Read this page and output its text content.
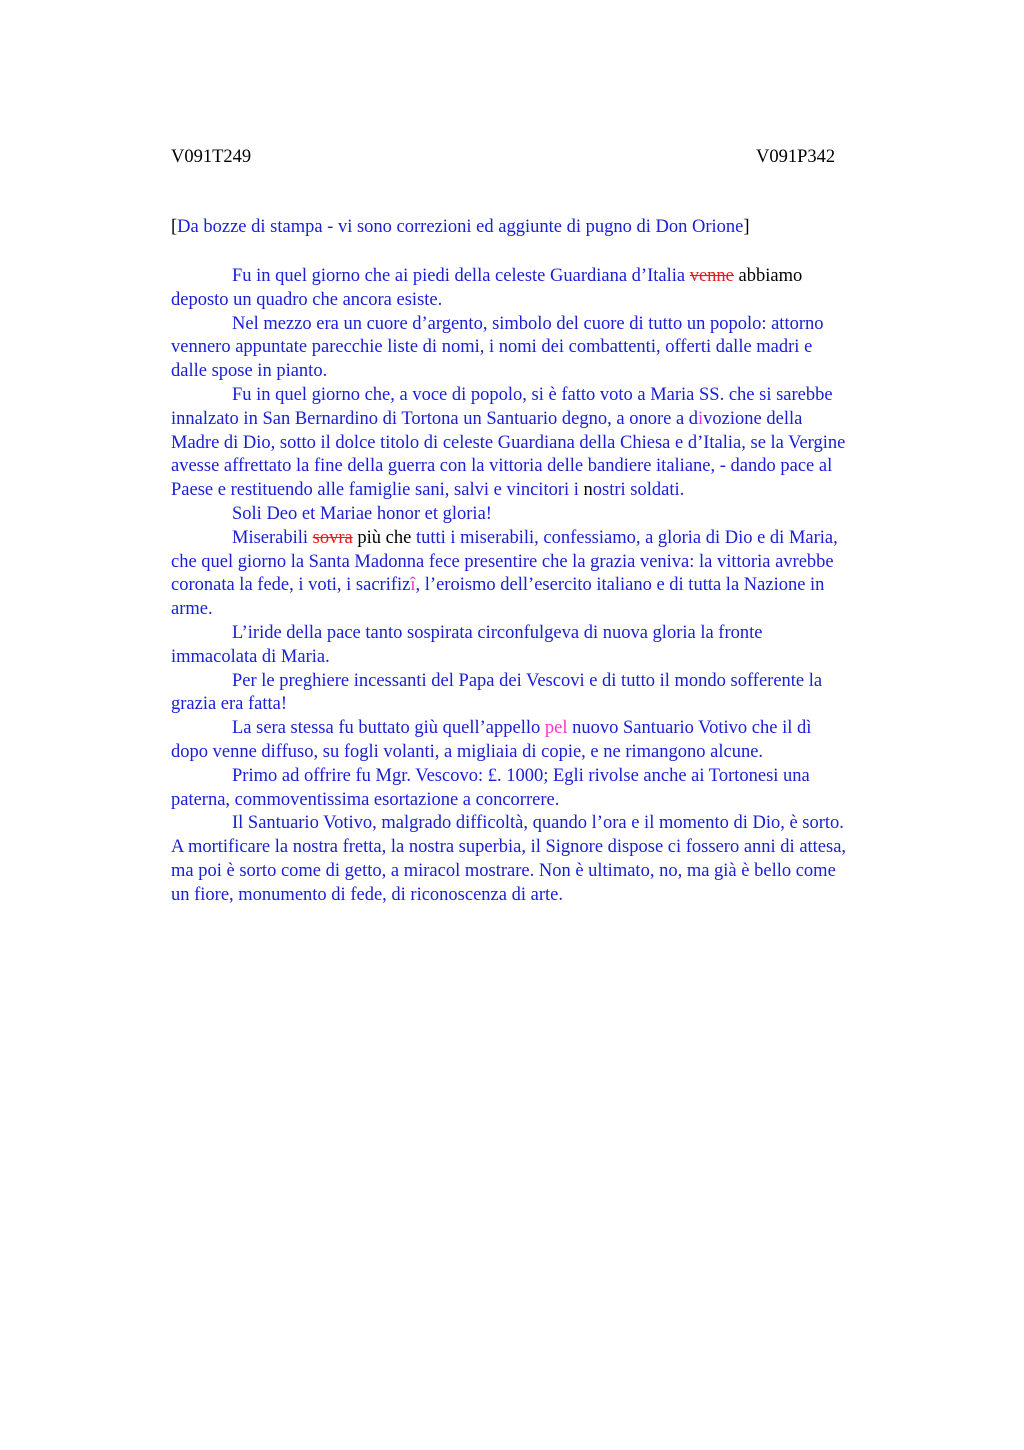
V091T249	V091P342
[Da bozze di stampa - vi sono correzioni ed aggiunte di pugno di Don Orione]
Fu in quel giorno che ai piedi della celeste Guardiana d’Italia venne abbiamo
deposto un quadro che ancora esiste.
Nel mezzo era un cuore d’argento, simbolo del cuore di tutto un popolo: attorno
vennero appuntate parecchie liste di nomi, i nomi dei combattenti, offerti dalle madri e
dalle spose in pianto.
Fu in quel giorno che, a voce di popolo, si è fatto voto a Maria SS. che si sarebbe
innalzato in San Bernardino di Tortona un Santuario degno, a onore a divozione della
Madre di Dio, sotto il dolce titolo di celeste Guardiana della Chiesa e d’Italia, se la Vergine
avesse affrettato la fine della guerra con la vittoria delle bandiere italiane, - dando pace al
Paese e restituendo alle famiglie sani, salvi e vincitori i nostri soldati.
Soli Deo et Mariae honor et gloria!
Miserabili sovra più che tutti i miserabili, confessiamo, a gloria di Dio e di Maria,
che quel giorno la Santa Madonna fece presentire che la grazia veniva: la vittoria avrebbe
coronata la fede, i voti, i sacrifizî, l’eroismo dell’esercito italiano e di tutta la Nazione in
arme.
L’iride della pace tanto sospirata circonfulgeva di nuova gloria la fronte
immacolata di Maria.
Per le preghiere incessanti del Papa dei Vescovi e di tutto il mondo sofferente la
grazia era fatta!
La sera stessa fu buttato giù quell’appello pel nuovo Santuario Votivo che il dì
dopo venne diffuso, su fogli volanti, a migliaia di copie, e ne rimangono alcune.
Primo ad offrire fu Mgr. Vescovo: £. 1000; Egli rivolse anche ai Tortonesi una
paterna, commoventissima esortazione a concorrere.
Il Santuario Votivo, malgrado difficoltà, quando l’ora e il momento di Dio, è sorto.
A mortificare la nostra fretta, la nostra superbia, il Signore dispose ci fossero anni di attesa,
ma poi è sorto come di getto, a miracol mostrare. Non è ultimato, no, ma già è bello come
un fiore, monumento di fede, di riconoscenza di arte.
